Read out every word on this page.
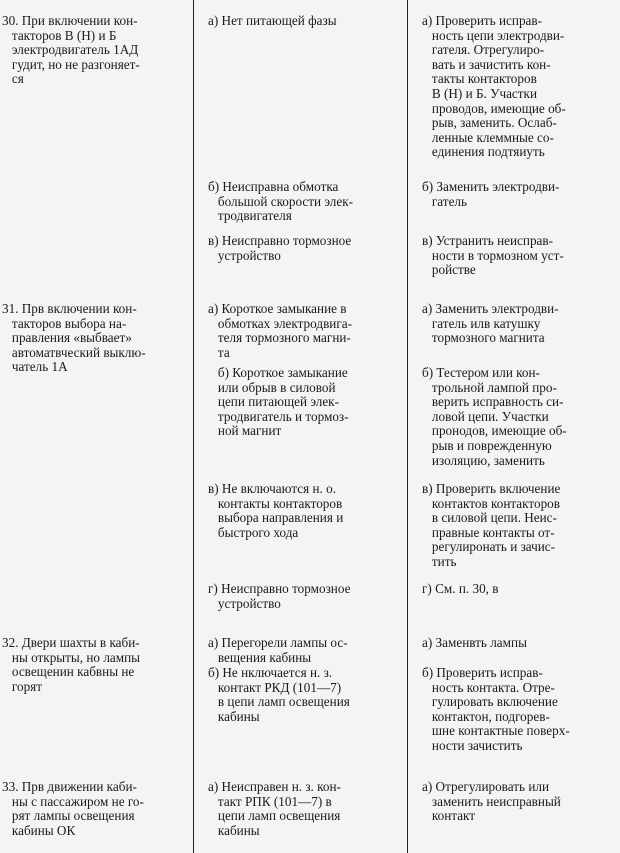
30. При включении кон-
такторов В (Н) и Б
электродвигатель 1АД
гудит, но не разгоняет-
ся
а) Нет питающей фазы	а) Проверить исправ-
ность цепи электродви-
гателя. Отрегулиро-
вать и зачистить кон-
такты контакторов
В (Н) и Б. Участки
проводов, имеющие об-
рыв, заменить. Ослаб-
ленные клеммные со-
единения подтяиуть
б) Неисправна обмотка
большой скорости элек-
тродвигателя
б) Заменить электродви-
гатель
в) Неисправно тормозное
устройство
в) Устранить неисправ-
ности в тормозном уст-
ройстве
31. Прв включении кон-
такторов выбора на-
правления «выбвает»
автоматвческий выклю-
чатель 1А
а) Короткое замыкание в
обмотках электродвига-
теля тормозного магни-
та
а) Заменить электродви-
гатель илв катушку
тормозного магнита
б) Короткое замыкание
или обрыв в силовой
цепи питающей элек-
тродвигатель и тормоз-
ной магнит
б) Тестером или кон-
трольной лампой про-
верить исправность си-
ловой цепи. Участки
пронодов, имеющие об-
рыв и поврежденную
изоляцию, заменить
в) Не включаются н. о.
контакты контакторов
выбора направления и
быстрого хода
в) Проверить включение
контактов контакторов
в силовой цепи. Неис-
правные контакты от-
регулиронать и зачис-
тить
г) Неисправно тормозное
устройство
г) См. п. 30, в
32. Двери шахты в каби-
ны открыты, но лампы
освещенин кабвны не
горят
а) Перегорели лампы ос-
вещения кабины
а) Заменвть лампы
б) Не нключается н. з.
контакт РКД (101—7)
в цепи ламп освещения
кабины
б) Проверить исправ-
ность контакта. Отре-
гулировать включение
контактон, подгорев-
шне контактные поверх-
ности зачистить
33. Прв движении каби-
ны с пассажиром не го-
рят лампы освещения
кабины ОК
а) Неисправен н. з. кон-
такт РПК (101—7) в
цепи ламп освещения
кабины
а) Отрегулировать или
заменить неисправный
контакт
